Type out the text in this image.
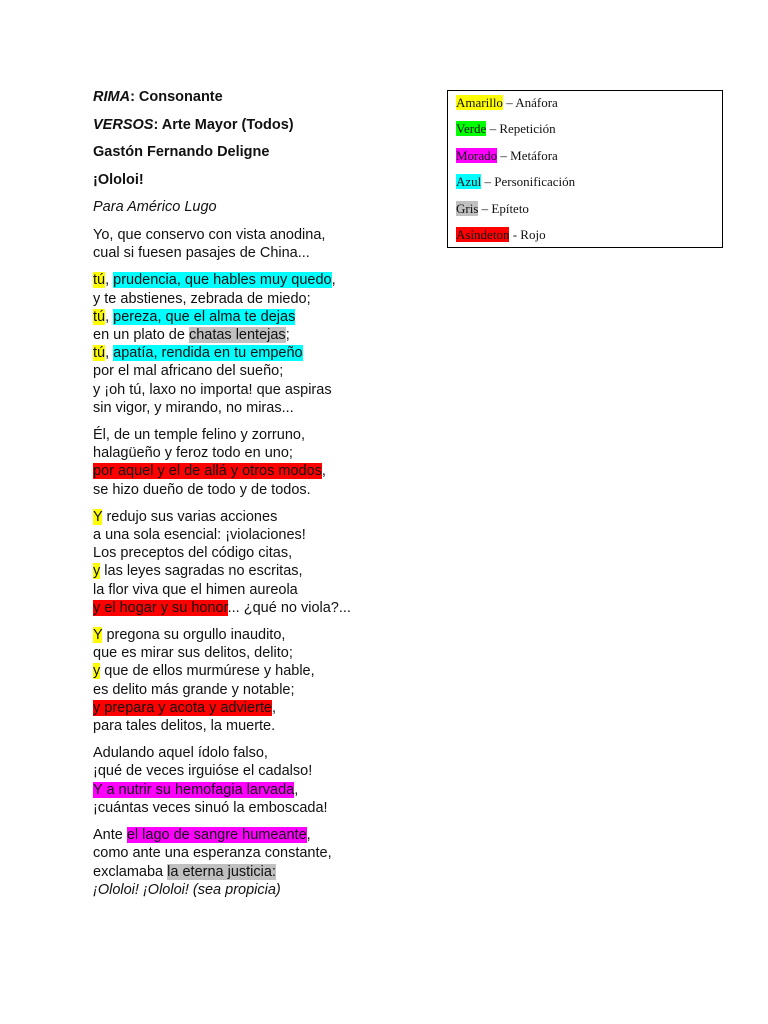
RIMA: Consonante
VERSOS: Arte Mayor (Todos)
Gastón Fernando Deligne
¡Ololoi!
Para Américo Lugo
Amarillo – Anáfora
Verde – Repetición
Morado – Metáfora
Azul – Personificación
Gris – Epíteto
Asíndeton - Rojo
Yo, que conservo con vista anodina,
cual si fuesen pasajes de China...
tú, prudencia, que hables muy quedo,
y te abstienes, zebrada de miedo;
tú, pereza, que el alma te dejas
en un plato de chatas lentejas;
tú, apatía, rendida en tu empeño
por el mal africano del sueño;
y ¡oh tú, laxo no importa! que aspiras
sin vigor, y mirando, no miras...
Él, de un temple felino y zorruno,
halagüeño y feroz todo en uno;
por aquel y el de allá y otros modos,
se hizo dueño de todo y de todos.
Y redujo sus varias acciones
a una sola esencial: ¡violaciones!
Los preceptos del código citas,
y las leyes sagradas no escritas,
la flor viva que el himen aureola
y el hogar y su honor... ¿qué no viola?...
Y pregona su orgullo inaudito,
que es mirar sus delitos, delito;
y que de ellos murmúrese y hable,
es delito más grande y notable;
y prepara y acota y advierte,
para tales delitos, la muerte.
Adulando aquel ídolo falso,
¡qué de veces irguióse el cadalso!
Y a nutrir su hemofagia larvada,
¡cuántas veces sinuó la emboscada!
Ante el lago de sangre humeante,
como ante una esperanza constante,
exclamaba la eterna justicia:
¡Ololoi! ¡Ololoi! (sea propicia)
